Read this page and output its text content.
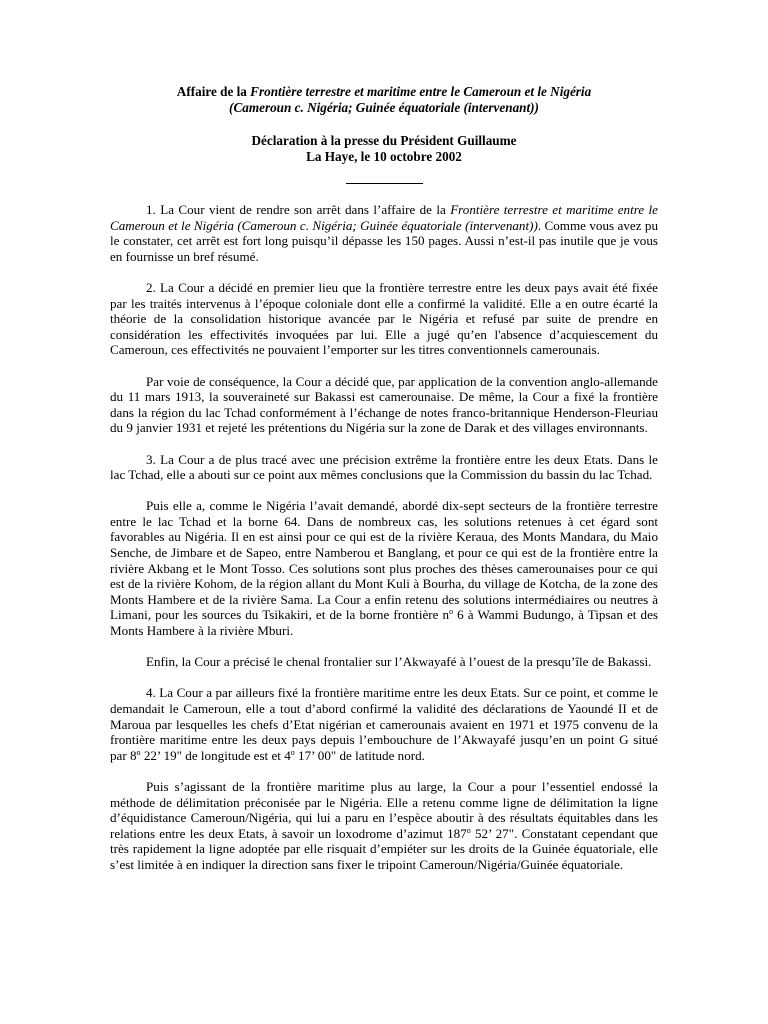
Affaire de la Frontière terrestre et maritime entre le Cameroun et le Nigéria
(Cameroun c. Nigéria; Guinée équatoriale (intervenant))
Déclaration à la presse du Président Guillaume
La Haye, le 10 octobre 2002

1. La Cour vient de rendre son arrêt dans l’affaire de la Frontière terrestre et maritime entre le Cameroun et le Nigéria (Cameroun c. Nigéria; Guinée équatoriale (intervenant)). Comme vous avez pu le constater, cet arrêt est fort long puisqu’il dépasse les 150 pages. Aussi n’est-il pas inutile que je vous en fournisse un bref résumé.

2. La Cour a décidé en premier lieu que la frontière terrestre entre les deux pays avait été fixée par les traités intervenus à l’époque coloniale dont elle a confirmé la validité. Elle a en outre écarté la théorie de la consolidation historique avancée par le Nigéria et refusé par suite de prendre en considération les effectivités invoquées par lui. Elle a jugé qu’en l'absence d’acquiescement du Cameroun, ces effectivités ne pouvaient l’emporter sur les titres conventionnels camerounais.

Par voie de conséquence, la Cour a décidé que, par application de la convention anglo-allemande du 11 mars 1913, la souveraineté sur Bakassi est camerounaise. De même, la Cour a fixé la frontière dans la région du lac Tchad conformément à l’échange de notes franco-britannique Henderson-Fleuriau du 9 janvier 1931 et rejeté les prétentions du Nigéria sur la zone de Darak et des villages environnants.

3. La Cour a de plus tracé avec une précision extrême la frontière entre les deux Etats. Dans le lac Tchad, elle a abouti sur ce point aux mêmes conclusions que la Commission du bassin du lac Tchad.

Puis elle a, comme le Nigéria l’avait demandé, abordé dix-sept secteurs de la frontière terrestre entre le lac Tchad et la borne 64. Dans de nombreux cas, les solutions retenues à cet égard sont favorables au Nigéria. Il en est ainsi pour ce qui est de la rivière Keraua, des Monts Mandara, du Maio Senche, de Jimbare et de Sapeo, entre Namberou et Banglang, et pour ce qui est de la frontière entre la rivière Akbang et le Mont Tosso. Ces solutions sont plus proches des thèses camerounaises pour ce qui est de la rivière Kohom, de la région allant du Mont Kuli à Bourha, du village de Kotcha, de la zone des Monts Hambere et de la rivière Sama. La Cour a enfin retenu des solutions intermédiaires ou neutres à Limani, pour les sources du Tsikakiri, et de la borne frontière $n^o$ 6 à Wammi Budungo, à Tipsan et des Monts Hambere à la rivière Mburi.

Enfin, la Cour a précisé le chenal frontalier sur l’Akwayafé à l’ouest de la presqu’île de Bakassi.

4. La Cour a par ailleurs fixé la frontière maritime entre les deux Etats. Sur ce point, et comme le demandait le Cameroun, elle a tout d’abord confirmé la validité des déclarations de Yaoundé II et de Maroua par lesquelles les chefs d’Etat nigérian et camerounais avaient en 1971 et 1975 convenu de la frontière maritime entre les deux pays depuis l’embouchure de l’Akwayafé jusqu’en un point G situé par 8$^o$ 22’ 19" de longitude est et 4$^o$ 17’ 00" de latitude nord.

Puis s’agissant de la frontière maritime plus au large, la Cour a pour l’essentiel endossé la méthode de délimitation préconisée par le Nigéria. Elle a retenu comme ligne de délimitation la ligne d’équidistance Cameroun/Nigéria, qui lui a paru en l’espèce aboutir à des résultats équitables dans les relations entre les deux Etats, à savoir un loxodrome d’azimut 187$^o$ 52’ 27". Constatant cependant que très rapidement la ligne adoptée par elle risquait d’empiéter sur les droits de la Guinée équatoriale, elle s’est limitée à en indiquer la direction sans fixer le tripoint Cameroun/Nigéria/Guinée équatoriale.
